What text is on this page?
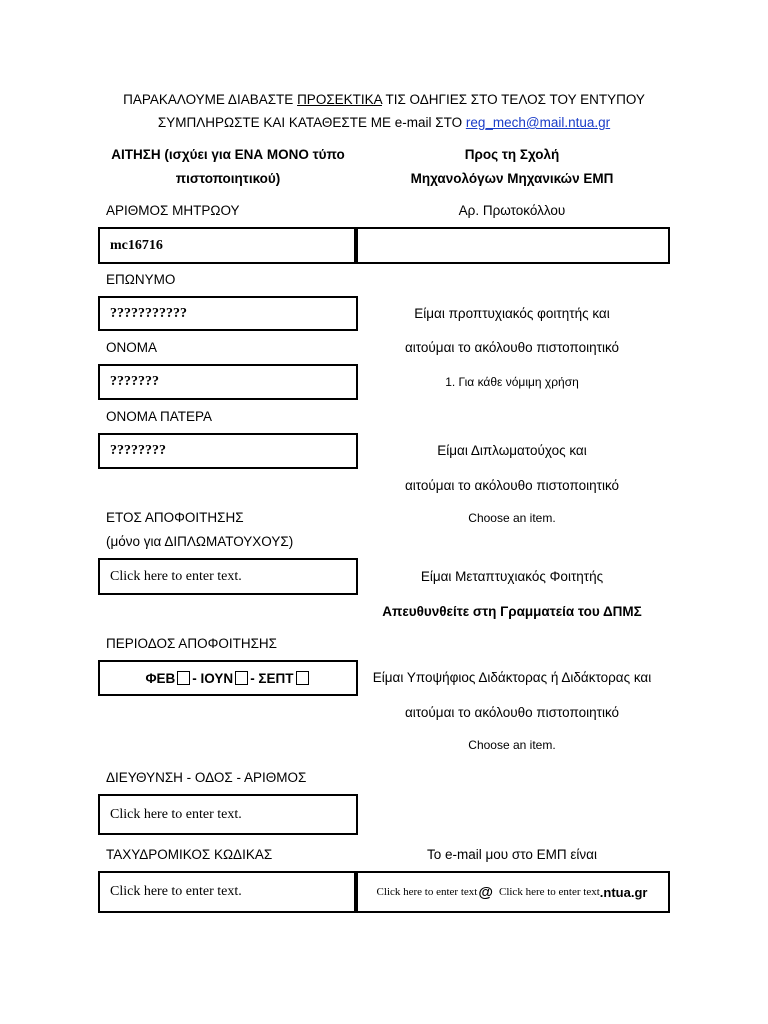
ΠΑΡΑΚΑΛΟΥΜΕ ΔΙΑΒΑΣΤΕ ΠΡΟΣΕΚΤΙΚΑ ΤΙΣ ΟΔΗΓΙΕΣ ΣΤΟ ΤΕΛΟΣ ΤΟΥ ΕΝΤΥΠΟΥ
ΣΥΜΠΛΗΡΩΣΤΕ ΚΑΙ ΚΑΤΑΘΕΣΤΕ ΜΕ e-mail ΣΤΟ reg_mech@mail.ntua.gr
ΑΙΤΗΣΗ (ισχύει για ΕΝΑ ΜΟΝΟ τύπο
πιστοποιητικού)
Προς τη Σχολή
Μηχανολόγων Μηχανικών ΕΜΠ
ΑΡΙΘΜΟΣ ΜΗΤΡΩΟΥ	Αρ. Πρωτοκόλλου
mc16716
ΕΠΩΝΥΜΟ
???????????	Είμαι προπτυχιακός φοιτητής και
ΟΝΟΜΑ	αιτούμαι το ακόλουθο πιστοποιητικό
???????	1. Για κάθε νόμιμη χρήση
ΟΝΟΜΑ ΠΑΤΕΡΑ
????????	Είμαι Διπλωματούχος και
αιτούμαι το ακόλουθο πιστοποιητικό
ΕΤΟΣ ΑΠΟΦΟΙΤΗΣΗΣ	Choose an item.
(μόνο για ΔΙΠΛΩΜΑΤΟΥΧΟΥΣ)
Click here to enter text.	Είμαι Μεταπτυχιακός Φοιτητής
Απευθυνθείτε στη Γραμματεία του ΔΠΜΣ
ΠΕΡΙΟΔΟΣ ΑΠΟΦΟΙΤΗΣΗΣ
ΦΕΒ - ΙΟΥΝ - ΣΕΠΤ	Είμαι Υποψήφιος Διδάκτορας ή Διδάκτορας και
αιτούμαι το ακόλουθο πιστοποιητικό
Choose an item.
ΔΙΕΥΘΥΝΣΗ - ΟΔΟΣ - ΑΡΙΘΜΟΣ
Click here to enter text.
ΤΑΧΥΔΡΟΜΙΚΟΣ ΚΩΔΙΚΑΣ	Το e-mail μου στο ΕΜΠ είναι
Click here to enter text.	Click here to enter text @ Click here to enter text .ntua.gr
